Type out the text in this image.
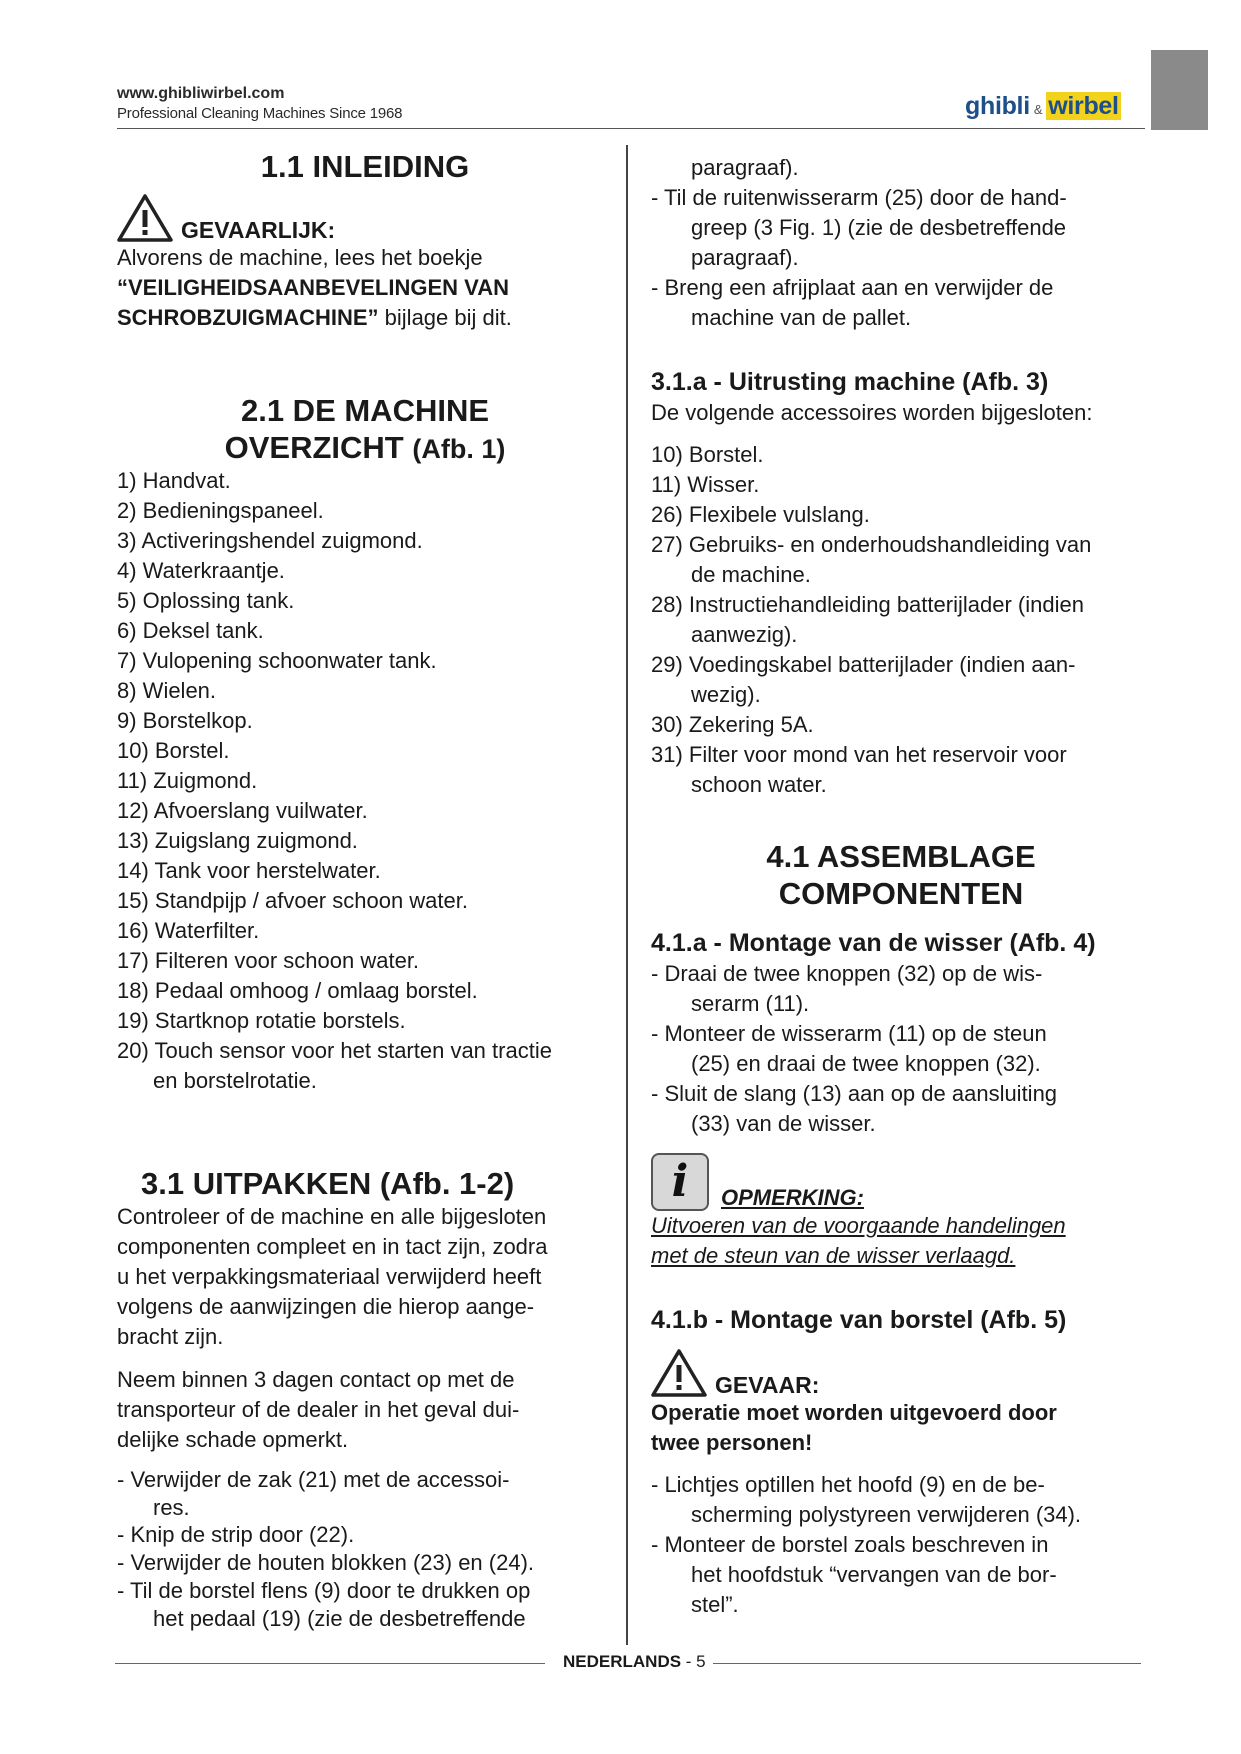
www.ghibliwirbel.com
Professional Cleaning Machines Since 1968	ghibli & wirbel
1.1 INLEIDING
GEVAARLIJK:
Alvorens de machine, lees het boekje
“VEILIGHEIDSAANBEVELINGEN VAN
SCHROBZUIGMACHINE” bijlage bij dit.
2.1 DE MACHINE
OVERZICHT (Afb. 1)
1) Handvat.
2) Bedieningspaneel.
3) Activeringshendel zuigmond.
4) Waterkraantje.
5) Oplossing tank.
6) Deksel tank.
7) Vulopening schoonwater tank.
8) Wielen.
9) Borstelkop.
10) Borstel.
11) Zuigmond.
12) Afvoerslang vuilwater.
13) Zuigslang zuigmond.
14) Tank voor herstelwater.
15) Standpijp / afvoer schoon water.
16) Waterfilter.
17) Filteren voor schoon water.
18) Pedaal omhoog / omlaag borstel.
19) Startknop rotatie borstels.
20) Touch sensor voor het starten van tractie
en borstelrotatie.
3.1 UITPAKKEN (Afb. 1-2)
Controleer of de machine en alle bijgesloten
componenten compleet en in tact zijn, zodra
u het verpakkingsmateriaal verwijderd heeft
volgens de aanwijzingen die hierop aange-
bracht zijn.
Neem binnen 3 dagen contact op met de
transporteur of de dealer in het geval dui-
delijke schade opmerkt.
- Verwijder de zak (21) met de accessoi-
res.
- Knip de strip door (22).
- Verwijder de houten blokken (23) en (24).
- Til de borstel flens (9) door te drukken op
het pedaal (19) (zie de desbetreffende
paragraaf).
- Til de ruitenwisserarm (25) door de hand-
greep (3 Fig. 1) (zie de desbetreffende
paragraaf).
- Breng een afrijplaat aan en verwijder de
machine van de pallet.
3.1.a - Uitrusting machine (Afb. 3)
De volgende accessoires worden bijgesloten:
10) Borstel.
11) Wisser.
26) Flexibele vulslang.
27) Gebruiks- en onderhoudshandleiding van
de machine.
28) Instructiehandleiding batterijlader (indien
aanwezig).
29) Voedingskabel batterijlader (indien aan-
wezig).
30) Zekering 5A.
31) Filter voor mond van het reservoir voor
schoon water.
4.1 ASSEMBLAGE
COMPONENTEN
4.1.a - Montage van de wisser (Afb. 4)
- Draai de twee knoppen (32) op de wis-
serarm (11).
- Monteer de wisserarm (11) op de steun
(25) en draai de twee knoppen (32).
- Sluit de slang (13) aan op de aansluiting
(33) van de wisser.
i	OPMERKING:
Uitvoeren van de voorgaande handelingen
met de steun van de wisser verlaagd.
4.1.b - Montage van borstel (Afb. 5)
GEVAAR:
Operatie moet worden uitgevoerd door
twee personen!
- Lichtjes optillen het hoofd (9) en de be-
scherming polystyreen verwijderen (34).
- Monteer de borstel zoals beschreven in
het hoofdstuk “vervangen van de bor-
stel”.
NEDERLANDS - 5
